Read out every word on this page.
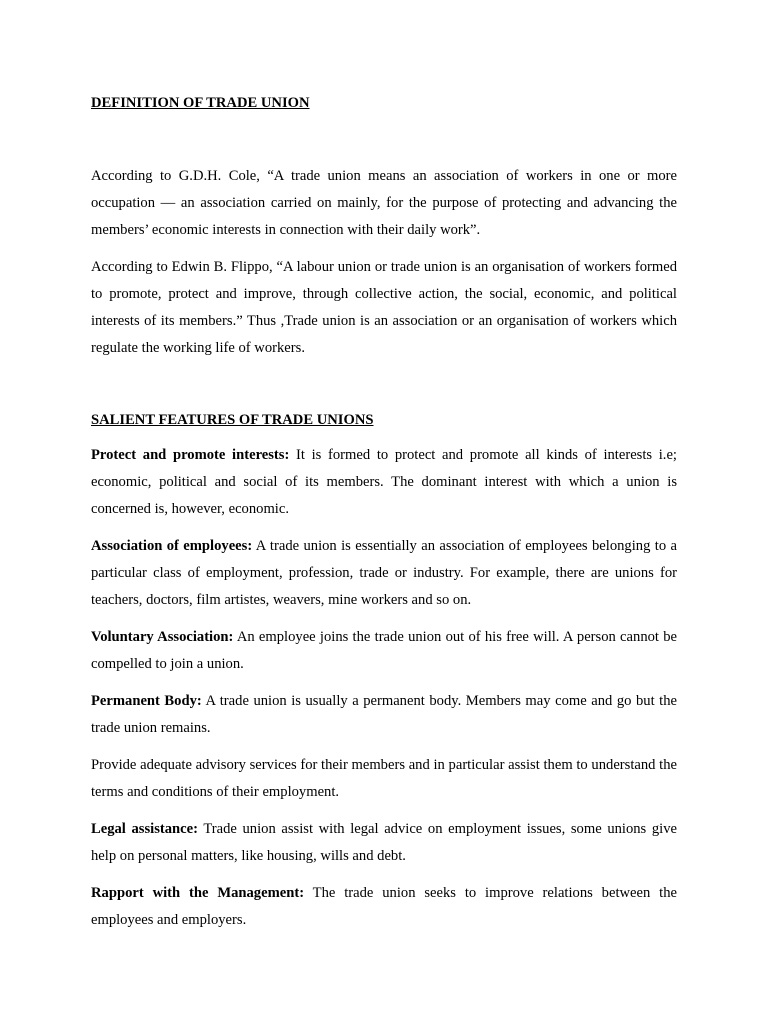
DEFINITION OF TRADE UNION

According to G.D.H. Cole, “A trade union means an association of workers in one or more occupation — an association carried on mainly, for the purpose of protecting and advancing the members’ economic interests in connection with their daily work”.

According to Edwin B. Flippo, “A labour union or trade union is an organisation of workers formed to promote, protect and improve, through collective action, the social, economic, and political interests of its members.” Thus ,Trade union is an association or an organisation of workers which regulate the working life of workers.

SALIENT FEATURES OF TRADE UNIONS

Protect and promote interests: It is formed to protect and promote all kinds of interests i.e; economic, political and social of its members. The dominant interest with which a union is concerned is, however, economic.

Association of employees: A trade union is essentially an association of employees belonging to a particular class of employment, profession, trade or industry. For example, there are unions for teachers, doctors, film artistes, weavers, mine workers and so on.

Voluntary Association: An employee joins the trade union out of his free will. A person cannot be compelled to join a union.

Permanent Body: A trade union is usually a permanent body. Members may come and go but the trade union remains.

Provide adequate advisory services for their members and in particular assist them to understand the terms and conditions of their employment.

Legal assistance: Trade union assist with legal advice on employment issues, some unions give help on personal matters, like housing, wills and debt.

Rapport with the Management: The trade union seeks to improve relations between the employees and employers.
